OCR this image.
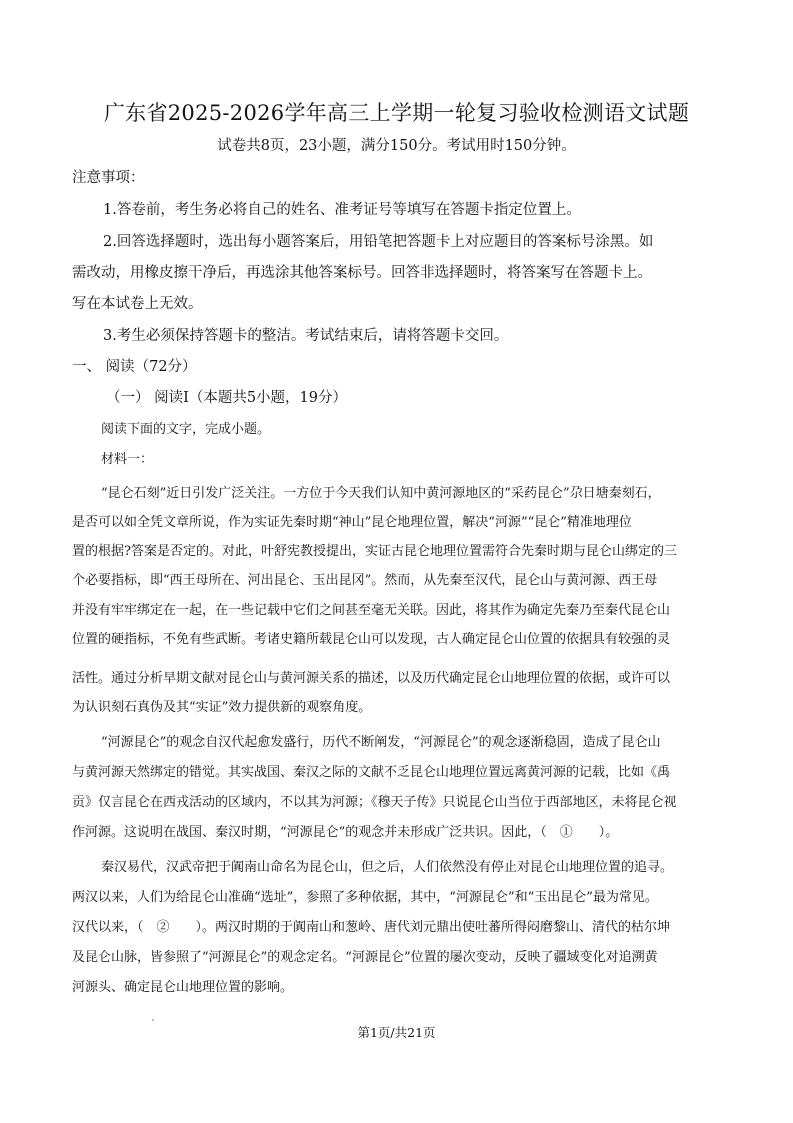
广东省2025-2026学年高三上学期一轮复习验收检测语文试题
试卷共8页，23小题，满分150分。考试用时150分钟。
注意事项：
1.答卷前，考生务必将自己的姓名、准考证号等填写在答题卡指定位置上。
2.回答选择题时，选出每小题答案后，用铅笔把答题卡上对应题目的答案标号涂黑。如
需改动，用橡皮擦干净后，再选涂其他答案标号。回答非选择题时，将答案写在答题卡上。
写在本试卷上无效。
3.考生必须保持答题卡的整洁。考试结束后，请将答题卡交回。
一、 阅读（72分）
（一） 阅读Ⅰ（本题共5小题，19分）
阅读下面的文字，完成小题。
材料一：
“昆仑石刻”近日引发广泛关注。一方位于今天我们认知中黄河源地区的“采药昆仑”尕日塘秦刻石，
是否可以如全凭文章所说，作为实证先秦时期“神山”昆仑地理位置，解决“河源”“昆仑”精准地理位
置的根据?答案是否定的。对此，叶舒宪教授提出，实证古昆仑地理位置需符合先秦时期与昆仑山绑定的三
个必要指标，即“西王母所在、河出昆仑、玉出昆冈”。然而，从先秦至汉代，昆仑山与黄河源、西王母
并没有牢牢绑定在一起，在一些记载中它们之间甚至毫无关联。因此，将其作为确定先秦乃至秦代昆仑山
位置的硬指标，不免有些武断。考诸史籍所载昆仑山可以发现，古人确定昆仑山位置的依据具有较强的灵
活性。通过分析早期文献对昆仑山与黄河源关系的描述，以及历代确定昆仑山地理位置的依据，或许可以
为认识刻石真伪及其“实证”效力提供新的观察角度。
“河源昆仑”的观念自汉代起愈发盛行，历代不断阐发，“河源昆仑”的观念逐渐稳固，造成了昆仑山
与黄河源天然绑定的错觉。其实战国、秦汉之际的文献不乏昆仑山地理位置远离黄河源的记载，比如《禹
贡》仅言昆仑在西戎活动的区域内，不以其为河源；《穆天子传》只说昆仑山当位于西部地区，未将昆仑视
作河源。这说明在战国、秦汉时期，“河源昆仑”的观念并未形成广泛共识。因此，（　①　　）。
秦汉易代，汉武帝把于阗南山命名为昆仑山，但之后，人们依然没有停止对昆仑山地理位置的追寻。
两汉以来，人们为给昆仑山准确“选址”，参照了多种依据，其中，“河源昆仑”和“玉出昆仑”最为常见。
汉代以来，（　②　　）。两汉时期的于阗南山和葱岭、唐代刘元鼎出使吐蕃所得闷磨黎山、清代的枯尔坤
及昆仑山脉，皆参照了“河源昆仑”的观念定名。“河源昆仑”位置的屡次变动，反映了疆域变化对追溯黄
河源头、确定昆仑山地理位置的影响。
第1页/共21页
